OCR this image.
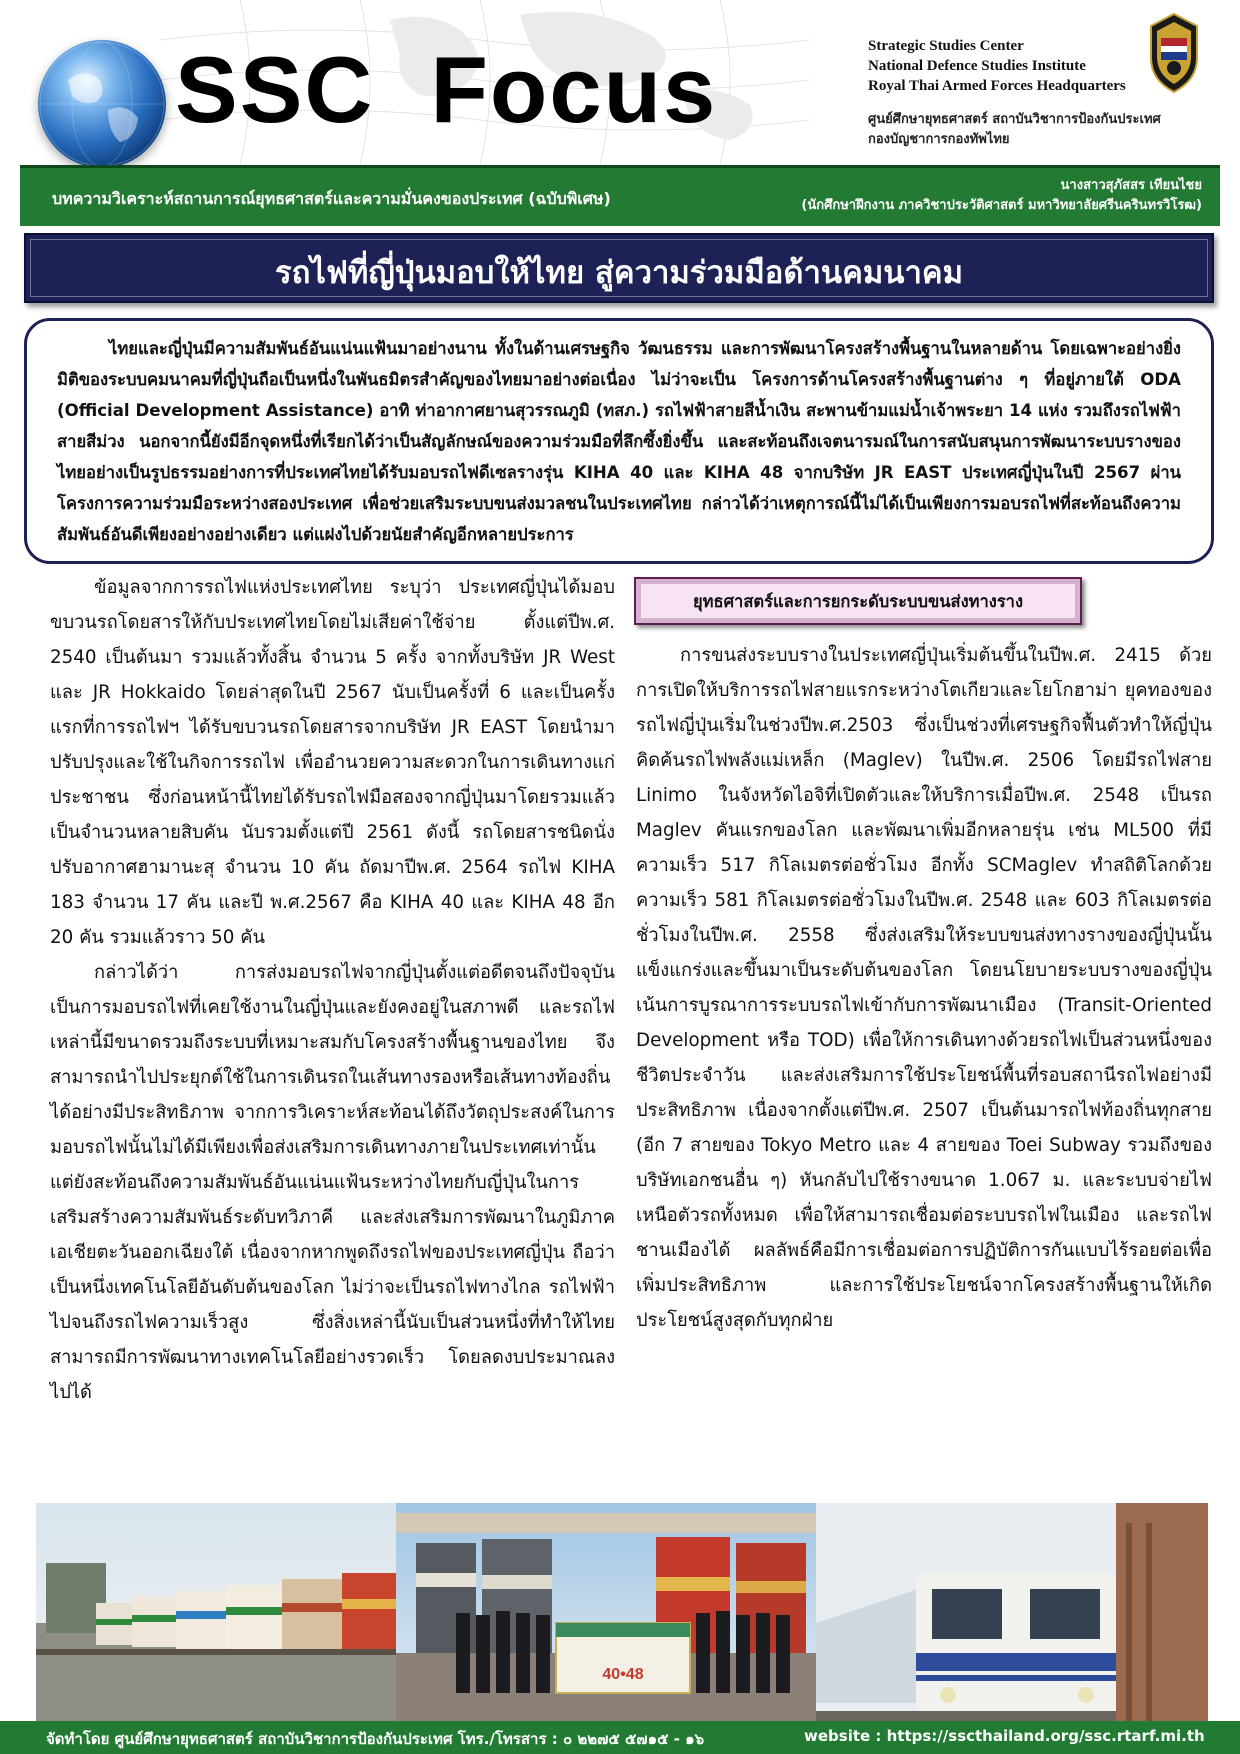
SSC  Focus	Strategic Studies Center
National Defence Studies Institute
Royal Thai Armed Forces Headquarters
ศูนย์ศึกษายุทธศาสตร์ สถาบันวิชาการป้องกันประเทศ
กองบัญชาการกองทัพไทย
บทความวิเคราะห์สถานการณ์ยุทธศาสตร์และความมั่นคงของประเทศ (ฉบับพิเศษ)
นางสาวสุภัสสร เทียนไชย
(นักศึกษาฝึกงาน ภาควิชาประวัติศาสตร์ มหาวิทยาลัยศรีนครินทรวิโรฒ)
รถไฟที่ญี่ปุ่นมอบให้ไทย สู่ความร่วมมือด้านคมนาคม
ไทยและญี่ปุ่นมีความสัมพันธ์อันแน่นแฟ้นมาอย่างนาน ทั้งในด้านเศรษฐกิจ วัฒนธรรม และการพัฒนาโครงสร้างพื้นฐานในหลายด้าน โดยเฉพาะอย่างยิ่ง มิติของระบบคมนาคมที่ญี่ปุ่นถือเป็นหนึ่งในพันธมิตรสำคัญของไทยมาอย่างต่อเนื่อง ไม่ว่าจะเป็น โครงการด้านโครงสร้างพื้นฐานต่าง ๆ ที่อยู่ภายใต้ ODA (Official Development Assistance) อาทิ ท่าอากาศยานสุวรรณภูมิ (ทสภ.) รถไฟฟ้าสายสีน้ำเงิน สะพานข้ามแม่น้ำเจ้าพระยา 14 แห่ง รวมถึงรถไฟฟ้าสายสีม่วง นอกจากนี้ยังมีอีกจุดหนึ่งที่เรียกได้ว่าเป็นสัญลักษณ์ของความร่วมมือที่ลึกซึ้งยิ่งขึ้น และสะท้อนถึงเจตนารมณ์ในการสนับสนุนการพัฒนาระบบรางของไทยอย่างเป็นรูปธรรมอย่างการที่ประเทศไทยได้รับมอบรถไฟดีเซลรางรุ่น KIHA 40 และ KIHA 48 จากบริษัท JR EAST ประเทศญี่ปุ่นในปี 2567 ผ่านโครงการความร่วมมือระหว่างสองประเทศ เพื่อช่วยเสริมระบบขนส่งมวลชนในประเทศไทย กล่าวได้ว่าเหตุการณ์นี้ไม่ได้เป็นเพียงการมอบรถไฟที่สะท้อนถึงความสัมพันธ์อันดีเพียงอย่างอย่างเดียว แต่แฝงไปด้วยนัยสำคัญอีกหลายประการ

ข้อมูลจากการรถไฟแห่งประเทศไทย ระบุว่า ประเทศญี่ปุ่นได้มอบขบวนรถโดยสารให้กับประเทศไทยโดยไม่เสียค่าใช้จ่าย ตั้งแต่ปีพ.ศ. 2540 เป็นต้นมา รวมแล้วทั้งสิ้น จำนวน 5 ครั้ง จากทั้งบริษัท JR West และ JR Hokkaido โดยล่าสุดในปี 2567 นับเป็นครั้งที่ 6 และเป็นครั้งแรกที่การรถไฟฯ ได้รับขบวนรถโดยสารจากบริษัท JR EAST โดยนำมาปรับปรุงและใช้ในกิจการรถไฟ เพื่ออำนวยความสะดวกในการเดินทางแก่ประชาชน ซึ่งก่อนหน้านี้ไทยได้รับรถไฟมือสองจากญี่ปุ่นมาโดยรวมแล้วเป็นจำนวนหลายสิบคัน นับรวมตั้งแต่ปี 2561 ดังนี้ รถโดยสารชนิดนั่งปรับอากาศฮามานะสุ จำนวน 10 คัน ถัดมาปีพ.ศ. 2564 รถไฟ KIHA 183 จำนวน 17 คัน และปี พ.ศ.2567 คือ KIHA 40 และ KIHA 48 อีก 20 คัน รวมแล้วราว 50 คัน

กล่าวได้ว่า การส่งมอบรถไฟจากญี่ปุ่นตั้งแต่อดีตจนถึงปัจจุบันเป็นการมอบรถไฟที่เคยใช้งานในญี่ปุ่นและยังคงอยู่ในสภาพดี และรถไฟเหล่านี้มีขนาดรวมถึงระบบที่เหมาะสมกับโครงสร้างพื้นฐานของไทย จึงสามารถนำไปประยุกต์ใช้ในการเดินรถในเส้นทางรองหรือเส้นทางท้องถิ่นได้อย่างมีประสิทธิภาพ จากการวิเคราะห์สะท้อนได้ถึงวัตถุประสงค์ในการมอบรถไฟนั้นไม่ได้มีเพียงเพื่อส่งเสริมการเดินทางภายในประเทศเท่านั้น แต่ยังสะท้อนถึงความสัมพันธ์อันแน่นแฟ้นระหว่างไทยกับญี่ปุ่นในการเสริมสร้างความสัมพันธ์ระดับทวิภาคี และส่งเสริมการพัฒนาในภูมิภาคเอเชียตะวันออกเฉียงใต้ เนื่องจากหากพูดถึงรถไฟของประเทศญี่ปุ่น ถือว่าเป็นหนึ่งเทคโนโลยีอันดับต้นของโลก ไม่ว่าจะเป็นรถไฟทางไกล รถไฟฟ้า ไปจนถึงรถไฟความเร็วสูง ซึ่งสิ่งเหล่านี้นับเป็นส่วนหนึ่งที่ทำให้ไทยสามารถมีการพัฒนาทางเทคโนโลยีอย่างรวดเร็ว โดยลดงบประมาณลงไปได้

ยุทธศาสตร์และการยกระดับระบบขนส่งทางราง

การขนส่งระบบรางในประเทศญี่ปุ่นเริ่มต้นขึ้นในปีพ.ศ. 2415 ด้วยการเปิดให้บริการรถไฟสายแรกระหว่างโตเกียวและโยโกฮาม่า ยุคทองของรถไฟญี่ปุ่นเริ่มในช่วงปีพ.ศ.2503 ซึ่งเป็นช่วงที่เศรษฐกิจฟื้นตัวทำให้ญี่ปุ่นคิดค้นรถไฟพลังแม่เหล็ก (Maglev) ในปีพ.ศ. 2506 โดยมีรถไฟสาย Linimo ในจังหวัดไอจิที่เปิดตัวและให้บริการเมื่อปีพ.ศ. 2548 เป็นรถ Maglev คันแรกของโลก และพัฒนาเพิ่มอีกหลายรุ่น เช่น ML500 ที่มีความเร็ว 517 กิโลเมตรต่อชั่วโมง อีกทั้ง SCMaglev ทำสถิติโลกด้วยความเร็ว 581 กิโลเมตรต่อชั่วโมงในปีพ.ศ. 2548 และ 603 กิโลเมตรต่อชั่วโมงในปีพ.ศ. 2558 ซึ่งส่งเสริมให้ระบบขนส่งทางรางของญี่ปุ่นนั้นแข็งแกร่งและขึ้นมาเป็นระดับต้นของโลก โดยนโยบายระบบรางของญี่ปุ่นเน้นการบูรณาการระบบรถไฟเข้ากับการพัฒนาเมือง (Transit-Oriented Development หรือ TOD) เพื่อให้การเดินทางด้วยรถไฟเป็นส่วนหนึ่งของชีวิตประจำวัน และส่งเสริมการใช้ประโยชน์พื้นที่รอบสถานีรถไฟอย่างมีประสิทธิภาพ เนื่องจากตั้งแต่ปีพ.ศ. 2507 เป็นต้นมารถไฟท้องถิ่นทุกสาย (อีก 7 สายของ Tokyo Metro และ 4 สายของ Toei Subway รวมถึงของบริษัทเอกชนอื่น ๆ) หันกลับไปใช้รางขนาด 1.067 ม. และระบบจ่ายไฟเหนือตัวรถทั้งหมด เพื่อให้สามารถเชื่อมต่อระบบรถไฟในเมือง และรถไฟชานเมืองได้ ผลลัพธ์คือมีการเชื่อมต่อการปฏิบัติการกันแบบไร้รอยต่อเพื่อเพิ่มประสิทธิภาพ และการใช้ประโยชน์จากโครงสร้างพื้นฐานให้เกิดประโยชน์สูงสุดกับทุกฝ่าย

40•48
จัดทำโดย ศูนย์ศึกษายุทธศาสตร์ สถาบันวิชาการป้องกันประเทศ โทร./โทรสาร : ๐ ๒๒๗๕ ๕๗๑๕ - ๑๖	website : https://sscthailand.org/ssc.rtarf.mi.th
